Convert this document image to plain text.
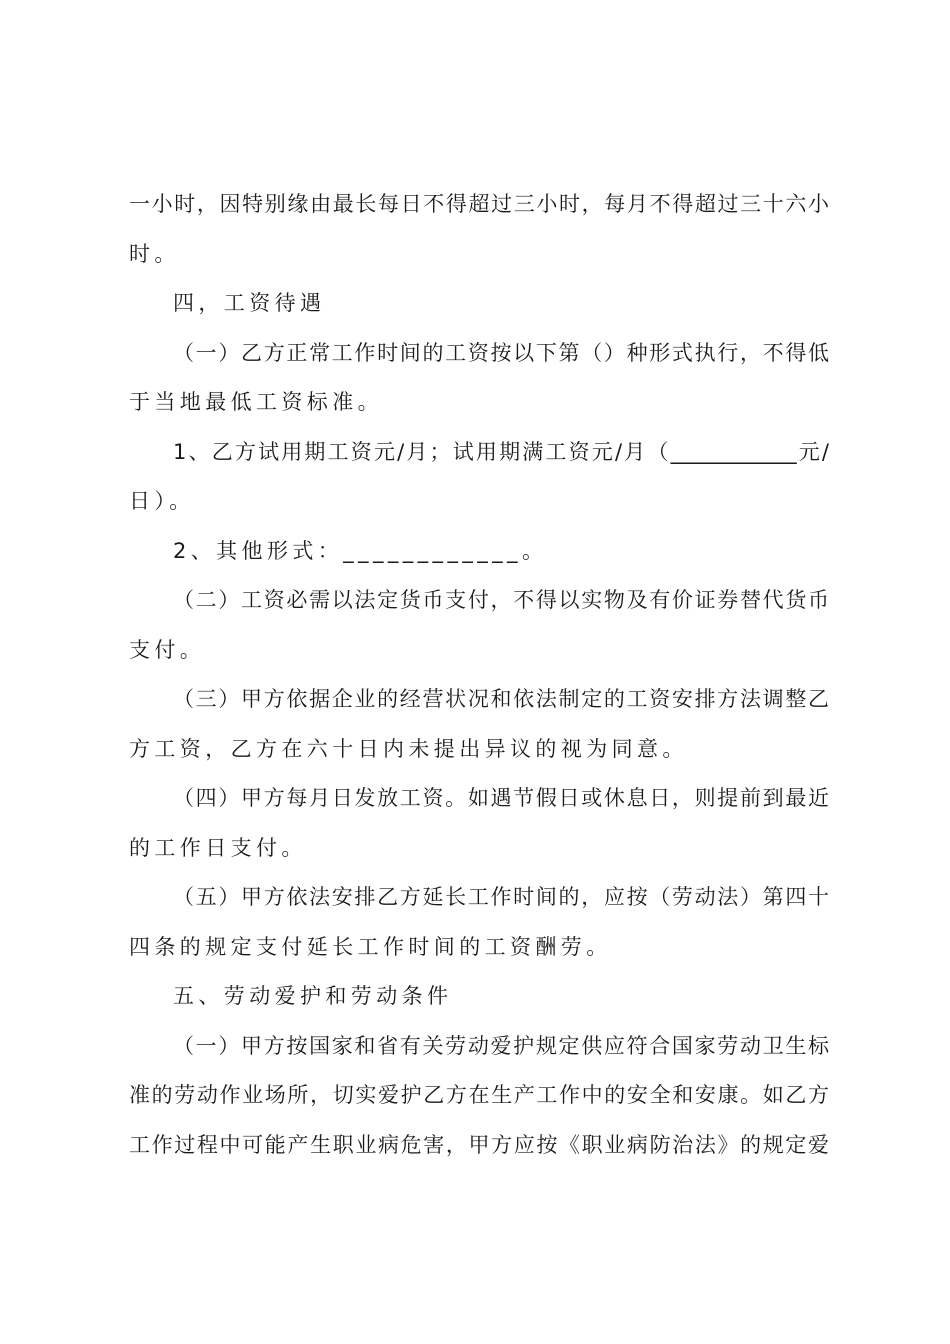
一小时，因特别缘由最长每日不得超过三小时，每月不得超过三十六小
时。
四，工资待遇
（一）乙方正常工作时间的工资按以下第（）种形式执行，不得低
于当地最低工资标准。
1、乙方试用期工资元/月；试用期满工资元/月（____________元/
日）。
2、其他形式：____________。
（二）工资必需以法定货币支付，不得以实物及有价证券替代货币
支付。
（三）甲方依据企业的经营状况和依法制定的工资安排方法调整乙
方工资，乙方在六十日内未提出异议的视为同意。
（四）甲方每月日发放工资。如遇节假日或休息日，则提前到最近
的工作日支付。
（五）甲方依法安排乙方延长工作时间的，应按（劳动法）第四十
四条的规定支付延长工作时间的工资酬劳。
五、劳动爱护和劳动条件
（一）甲方按国家和省有关劳动爱护规定供应符合国家劳动卫生标
准的劳动作业场所，切实爱护乙方在生产工作中的安全和安康。如乙方
工作过程中可能产生职业病危害，甲方应按《职业病防治法》的规定爱
